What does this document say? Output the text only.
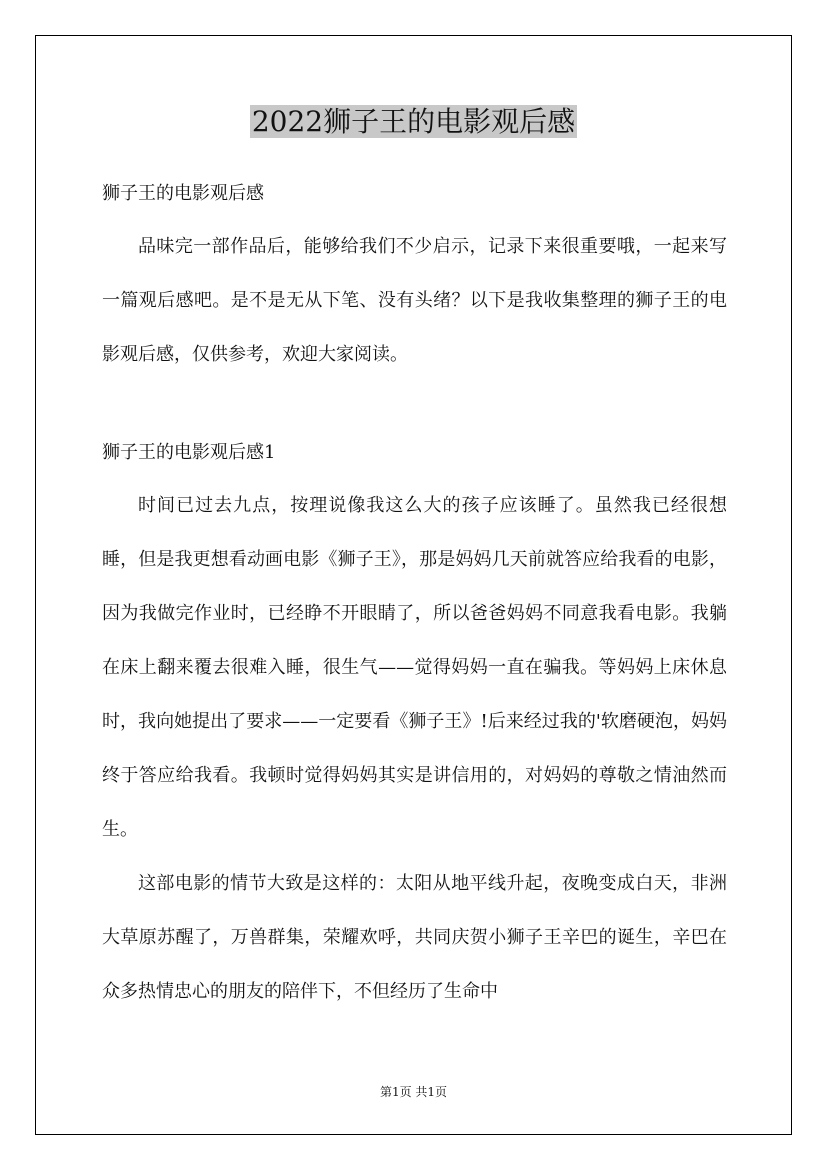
2022狮子王的电影观后感

狮子王的电影观后感

品味完一部作品后，能够给我们不少启示，记录下来很重要哦，一起来写一篇观后感吧。是不是无从下笔、没有头绪？以下是我收集整理的狮子王的电影观后感，仅供参考，欢迎大家阅读。

狮子王的电影观后感1

时间已过去九点，按理说像我这么大的孩子应该睡了。虽然我已经很想睡，但是我更想看动画电影《狮子王》，那是妈妈几天前就答应给我看的电影，因为我做完作业时，已经睁不开眼睛了，所以爸爸妈妈不同意我看电影。我躺在床上翻来覆去很难入睡，很生气——觉得妈妈一直在骗我。等妈妈上床休息时，我向她提出了要求——一定要看《狮子王》!后来经过我的'软磨硬泡，妈妈终于答应给我看。我顿时觉得妈妈其实是讲信用的，对妈妈的尊敬之情油然而生。

这部电影的情节大致是这样的：太阳从地平线升起，夜晚变成白天，非洲大草原苏醒了，万兽群集，荣耀欢呼，共同庆贺小狮子王辛巴的诞生，辛巴在众多热情忠心的朋友的陪伴下，不但经历了生命中

第1页 共1页
